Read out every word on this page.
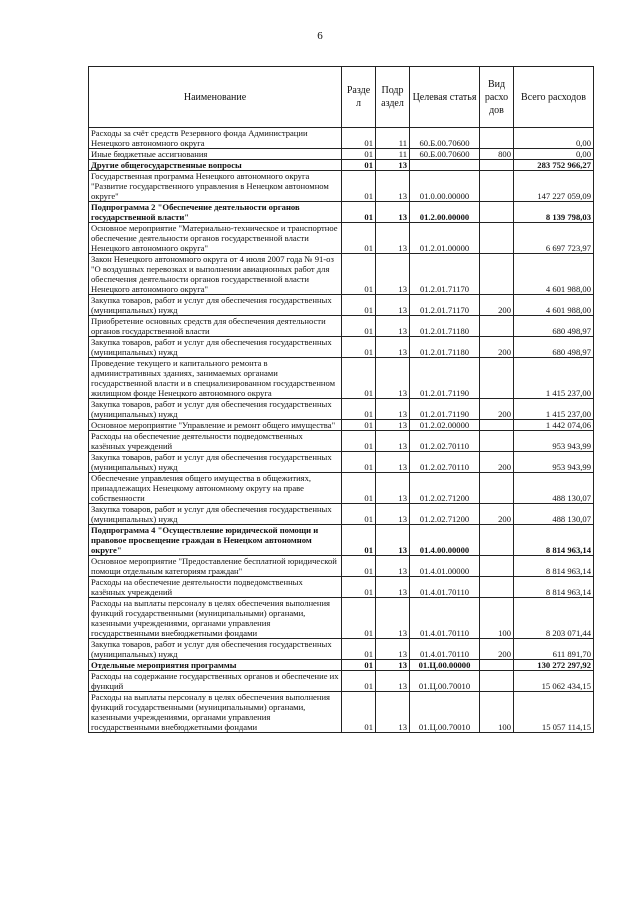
6
Наименование	Разде л	Подр аздел	Целевая статья	Вид расхо дов	Всего расходов
Расходы за счёт средств Резервного фонда Администрации Ненецкого автономного округа	01	11	60.Б.00.70600		0,00
Иные бюджетные ассигнования	01	11	60.Б.00.70600	800	0,00
Другие общегосударственные вопросы	01	13			283 752 966,27
Государственная программа Ненецкого автономного округа "Развитие государственного управления в Ненецком автономном округе"	01	13	01.0.00.00000		147 227 059,09
Подпрограмма 2 "Обеспечение деятельности органов государственной власти"	01	13	01.2.00.00000		8 139 798,03
Основное мероприятие "Материально-техническое и транспортное обеспечение деятельности органов государственной власти Ненецкого автономного округа"	01	13	01.2.01.00000		6 697 723,97
Закон Ненецкого автономного округа от 4 июля 2007 года № 91-оз "О воздушных перевозках и выполнении авиационных работ для обеспечения деятельности органов государственной власти Ненецкого автономного округа"	01	13	01.2.01.71170		4 601 988,00
Закупка товаров, работ и услуг для обеспечения государственных (муниципальных) нужд	01	13	01.2.01.71170	200	4 601 988,00
Приобретение основных средств для обеспечения деятельности органов государственной власти	01	13	01.2.01.71180		680 498,97
Закупка товаров, работ и услуг для обеспечения государственных (муниципальных) нужд	01	13	01.2.01.71180	200	680 498,97
Проведение текущего и капитального ремонта в административных зданиях, занимаемых органами государственной власти и в специализированном государственном жилищном фонде Ненецкого автономного округа	01	13	01.2.01.71190		1 415 237,00
Закупка товаров, работ и услуг для обеспечения государственных (муниципальных) нужд	01	13	01.2.01.71190	200	1 415 237,00
Основное мероприятие "Управление и ремонт общего имущества"	01	13	01.2.02.00000		1 442 074,06
Расходы на обеспечение деятельности подведомственных казённых учреждений	01	13	01.2.02.70110		953 943,99
Закупка товаров, работ и услуг для обеспечения государственных (муниципальных) нужд	01	13	01.2.02.70110	200	953 943,99
Обеспечение управления общего имущества в общежитиях, принадлежащих Ненецкому автономному округу на праве собственности	01	13	01.2.02.71200		488 130,07
Закупка товаров, работ и услуг для обеспечения государственных (муниципальных) нужд	01	13	01.2.02.71200	200	488 130,07
Подпрограмма 4 "Осуществление юридической помощи и правовое просвещение граждан в Ненецком автономном округе"	01	13	01.4.00.00000		8 814 963,14
Основное мероприятие "Предоставление бесплатной юридической помощи отдельным категориям граждан"	01	13	01.4.01.00000		8 814 963,14
Расходы на обеспечение деятельности подведомственных казённых учреждений	01	13	01.4.01.70110		8 814 963,14
Расходы на выплаты персоналу в целях обеспечения выполнения функций государственными (муниципальными) органами, казенными учреждениями, органами управления государственными внебюджетными фондами	01	13	01.4.01.70110	100	8 203 071,44
Закупка товаров, работ и услуг для обеспечения государственных (муниципальных) нужд	01	13	01.4.01.70110	200	611 891,70
Отдельные мероприятия программы	01	13	01.Ц.00.00000		130 272 297,92
Расходы на содержание государственных органов и обеспечение их функций	01	13	01.Ц.00.70010		15 062 434,15
Расходы на выплаты персоналу в целях обеспечения выполнения функций государственными (муниципальными) органами, казенными учреждениями, органами управления государственными внебюджетными фондами	01	13	01.Ц.00.70010	100	15 057 114,15
